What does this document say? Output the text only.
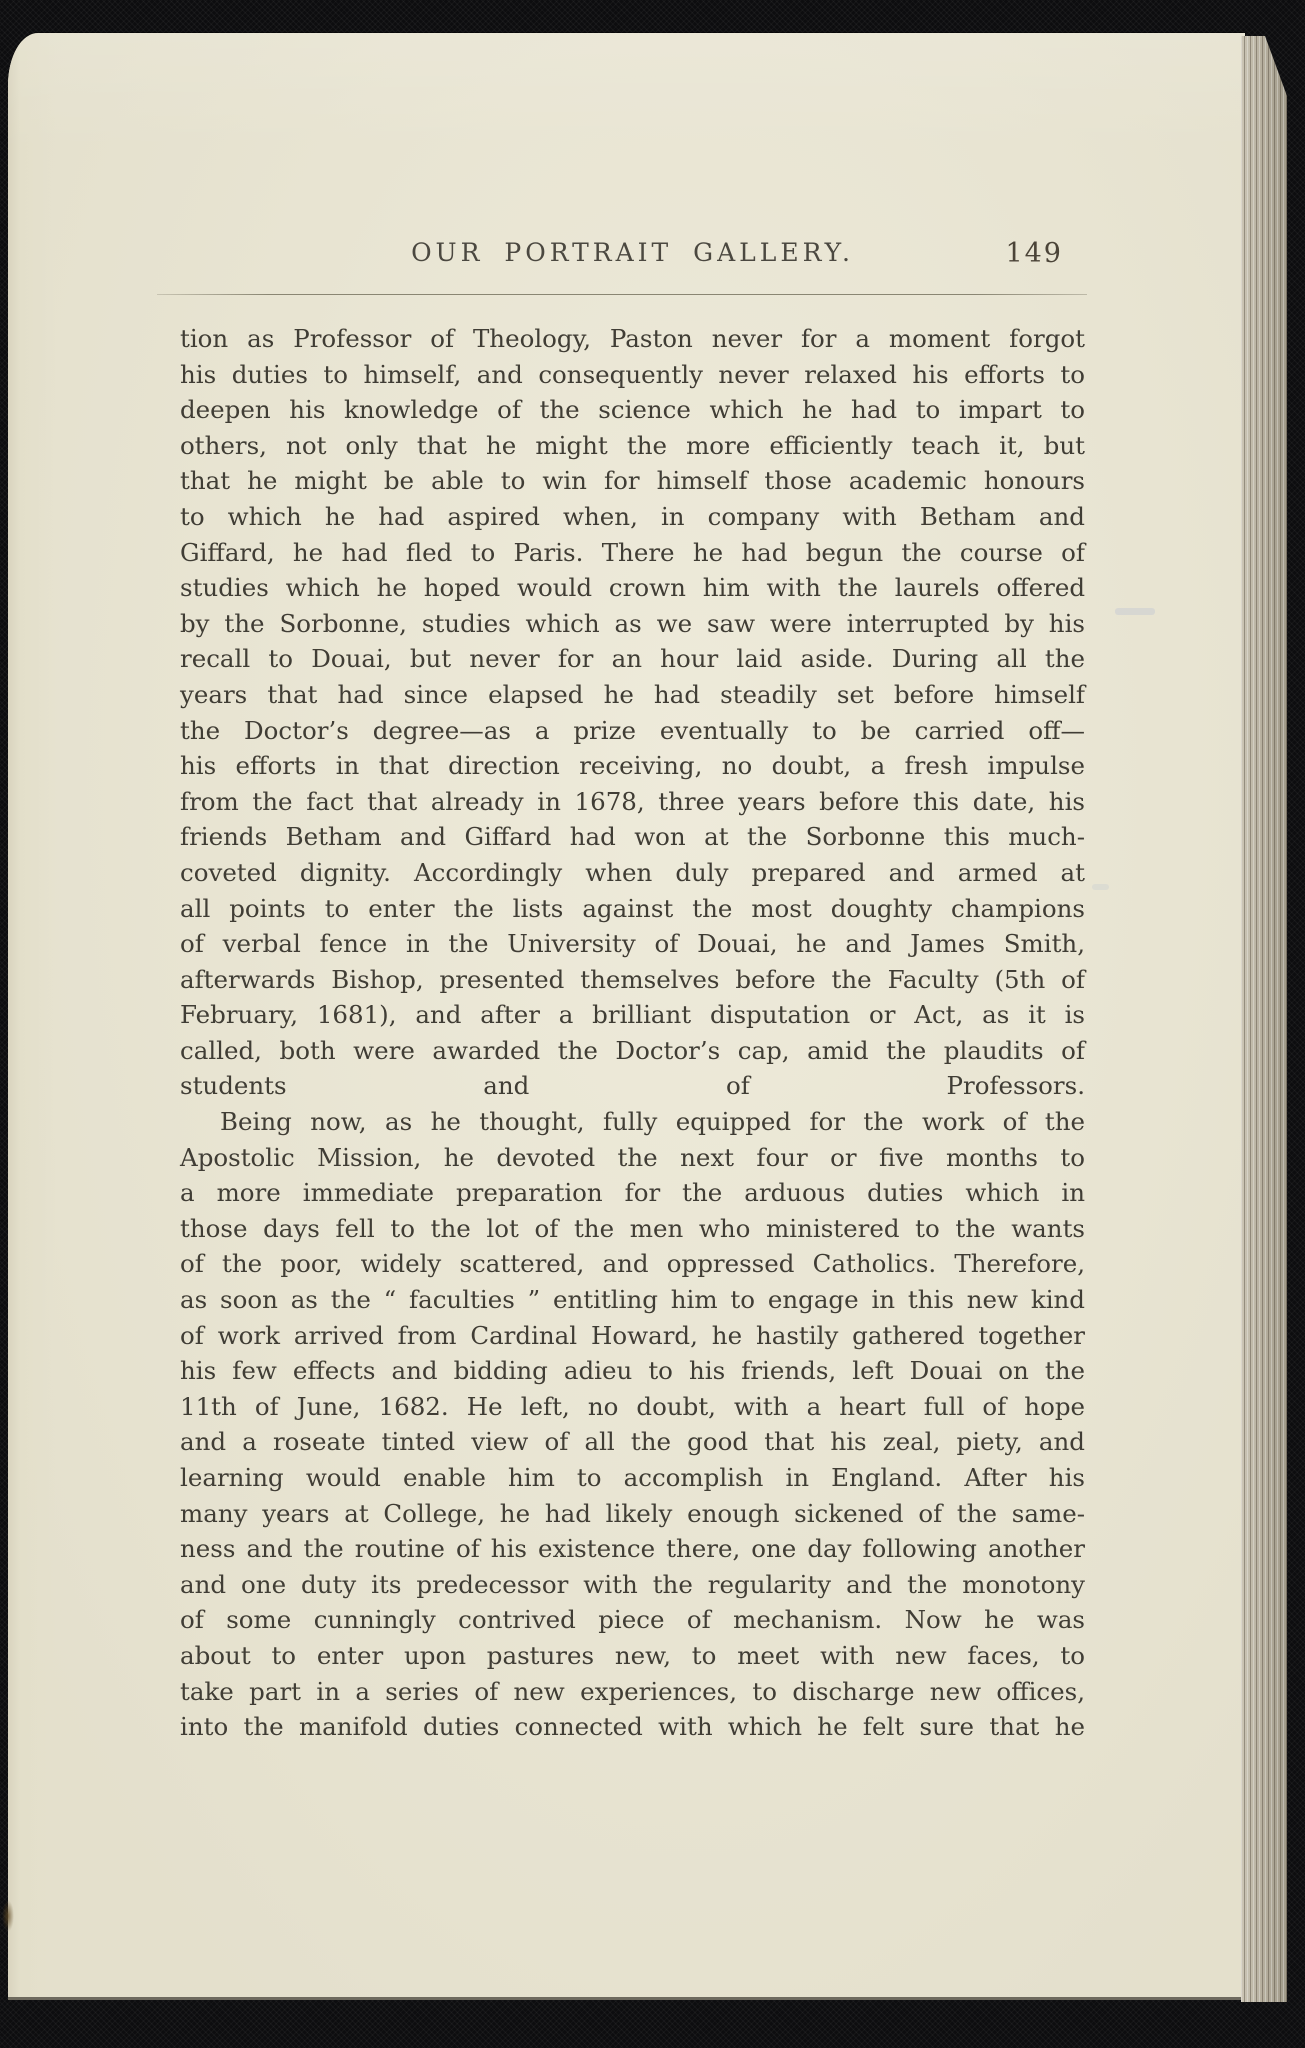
OUR PORTRAIT GALLERY.	149
tion as Professor of Theology, Paston never for a moment forgot
his duties to himself, and consequently never relaxed his efforts to
deepen his knowledge of the science which he had to impart to
others, not only that he might the more efficiently teach it, but
that he might be able to win for himself those academic honours
to which he had aspired when, in company with Betham and
Giffard, he had fled to Paris. There he had begun the course of
studies which he hoped would crown him with the laurels offered
by the Sorbonne, studies which as we saw were interrupted by his
recall to Douai, but never for an hour laid aside. During all the
years that had since elapsed he had steadily set before himself
the Doctor’s degree—as a prize eventually to be carried off—
his efforts in that direction receiving, no doubt, a fresh impulse
from the fact that already in 1678, three years before this date, his
friends Betham and Giffard had won at the Sorbonne this much-
coveted dignity. Accordingly when duly prepared and armed at
all points to enter the lists against the most doughty champions
of verbal fence in the University of Douai, he and James Smith,
afterwards Bishop, presented themselves before the Faculty (5th of
February, 1681), and after a brilliant disputation or Act, as it is
called, both were awarded the Doctor’s cap, amid the plaudits of
students and of Professors.
Being now, as he thought, fully equipped for the work of the
Apostolic Mission, he devoted the next four or five months to
a more immediate preparation for the arduous duties which in
those days fell to the lot of the men who ministered to the wants
of the poor, widely scattered, and oppressed Catholics. Therefore,
as soon as the “ faculties ” entitling him to engage in this new kind
of work arrived from Cardinal Howard, he hastily gathered together
his few effects and bidding adieu to his friends, left Douai on the
11th of June, 1682. He left, no doubt, with a heart full of hope
and a roseate tinted view of all the good that his zeal, piety, and
learning would enable him to accomplish in England. After his
many years at College, he had likely enough sickened of the same-
ness and the routine of his existence there, one day following another
and one duty its predecessor with the regularity and the monotony
of some cunningly contrived piece of mechanism. Now he was
about to enter upon pastures new, to meet with new faces, to
take part in a series of new experiences, to discharge new offices,
into the manifold duties connected with which he felt sure that he
